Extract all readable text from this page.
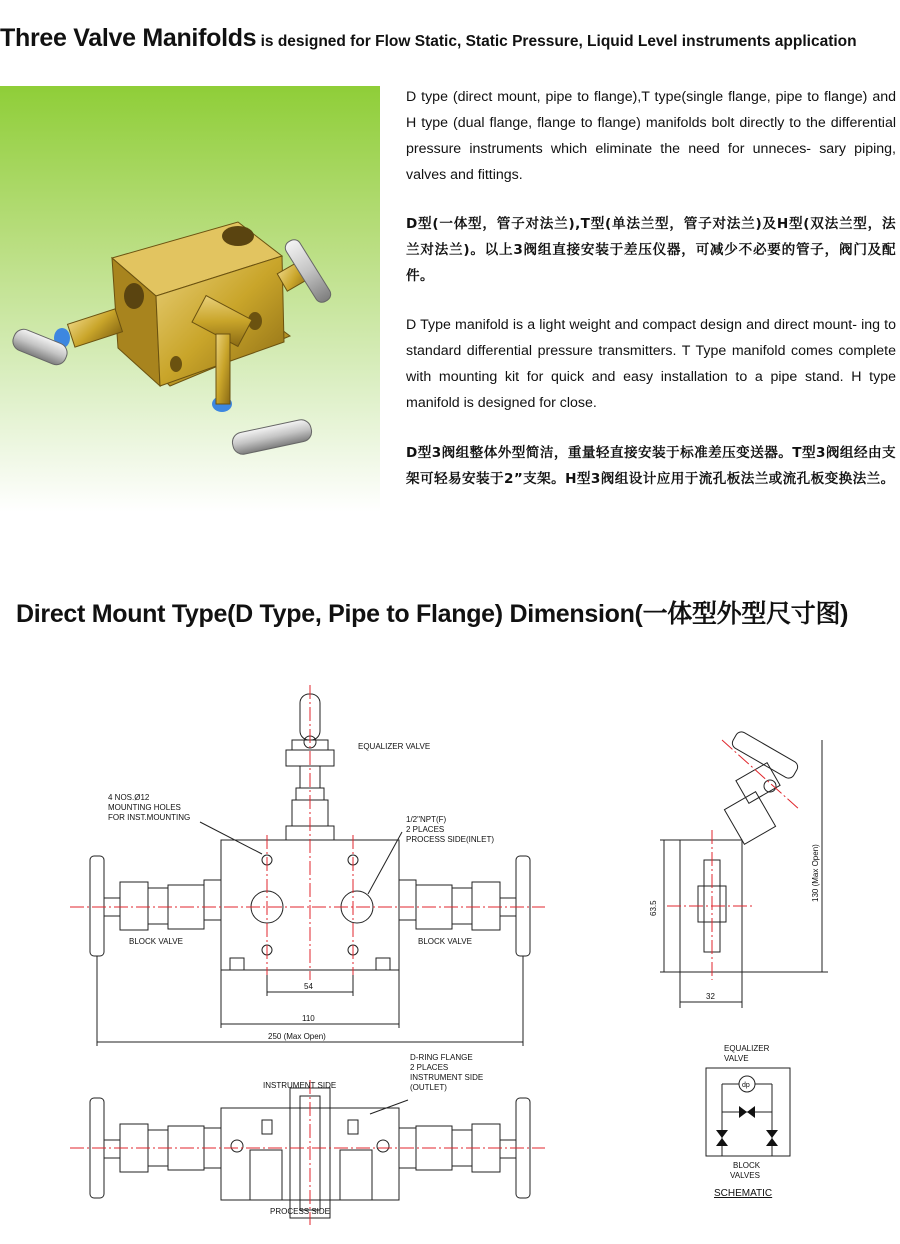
Three Valve Manifolds is designed for Flow Static, Static Pressure, Liquid Level instruments application
D type (direct mount, pipe to flange),T type(single flange, pipe to flange) and H type (dual flange, flange to flange) manifolds bolt directly to the differential pressure instruments which eliminate the need for unneces- sary piping, valves and fittings.
D型(一体型，管子对法兰),T型(单法兰型，管子对法兰)及H型(双法兰型，法兰对法兰)。以上3阀组直接安装于差压仪器，可减少不必要的管子，阀门及配件。
D Type manifold is a light weight and compact design and direct mount- ing to standard differential pressure transmitters. T Type manifold comes complete with mounting kit for quick and easy installation to a pipe stand. H type manifold is designed for close.
D型3阀组整体外型简洁，重量轻直接安装于标准差压变送器。T型3阀组经由支架可轻易安装于2”支架。H型3阀组设计应用于流孔板法兰或流孔板变换法兰。
Direct Mount Type(D Type, Pipe to Flange) Dimension(一体型外型尺寸图)
EQUALIZER VALVE
4 NOS.Ø12
MOUNTING HOLES
FOR INST.MOUNTING	1/2"NPT(F)
2 PLACES
PROCESS SIDE(INLET)
BLOCK VALVE	BLOCK VALVE
54
110
250 (Max Open)
63.5
130 (Max Open)
32
D-RING FLANGE
2 PLACES
INSTRUMENT SIDE
(OUTLET)
INSTRUMENT SIDE
PROCESS SIDE
EQUALIZER
VALVE
dp
BLOCK
VALVES
SCHEMATIC
